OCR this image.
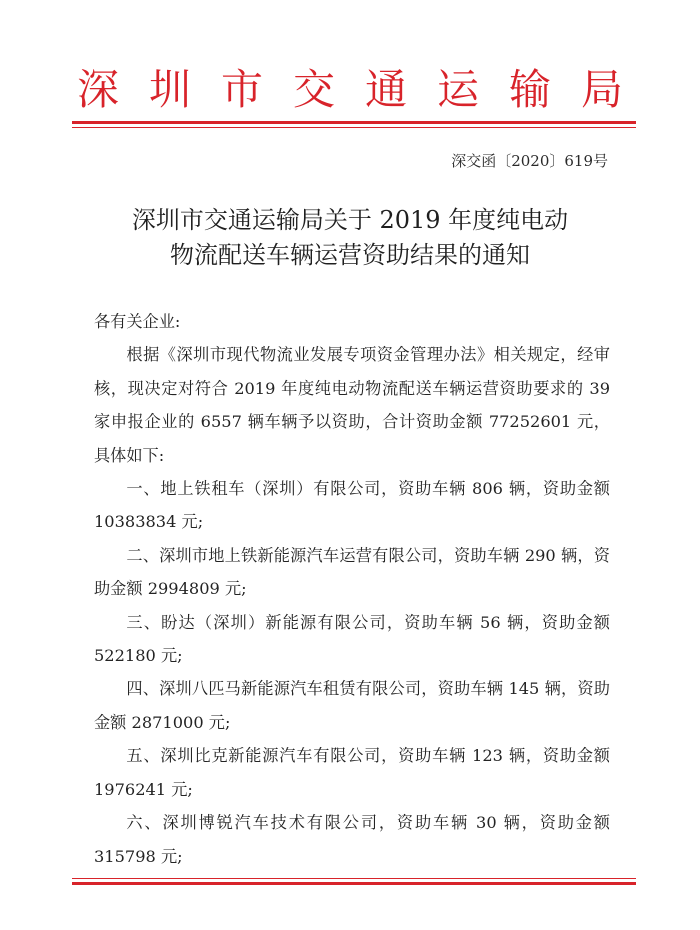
深圳市交通运输局
深交函〔2020〕619号
深圳市交通运输局关于 2019 年度纯电动
物流配送车辆运营资助结果的通知

各有关企业:

根据《深圳市现代物流业发展专项资金管理办法》相关规定，经审核，现决定对符合 2019 年度纯电动物流配送车辆运营资助要求的 39 家申报企业的 6557 辆车辆予以资助，合计资助金额 77252601 元，具体如下:

一、地上铁租车（深圳）有限公司，资助车辆 806 辆，资助金额 10383834 元;

二、深圳市地上铁新能源汽车运营有限公司，资助车辆 290 辆，资助金额 2994809 元;

三、盼达（深圳）新能源有限公司，资助车辆 56 辆，资助金额 522180 元;

四、深圳八匹马新能源汽车租赁有限公司，资助车辆 145 辆，资助金额 2871000 元;

五、深圳比克新能源汽车有限公司，资助车辆 123 辆，资助金额 1976241 元;

六、深圳博锐汽车技术有限公司，资助车辆 30 辆，资助金额 315798 元;
